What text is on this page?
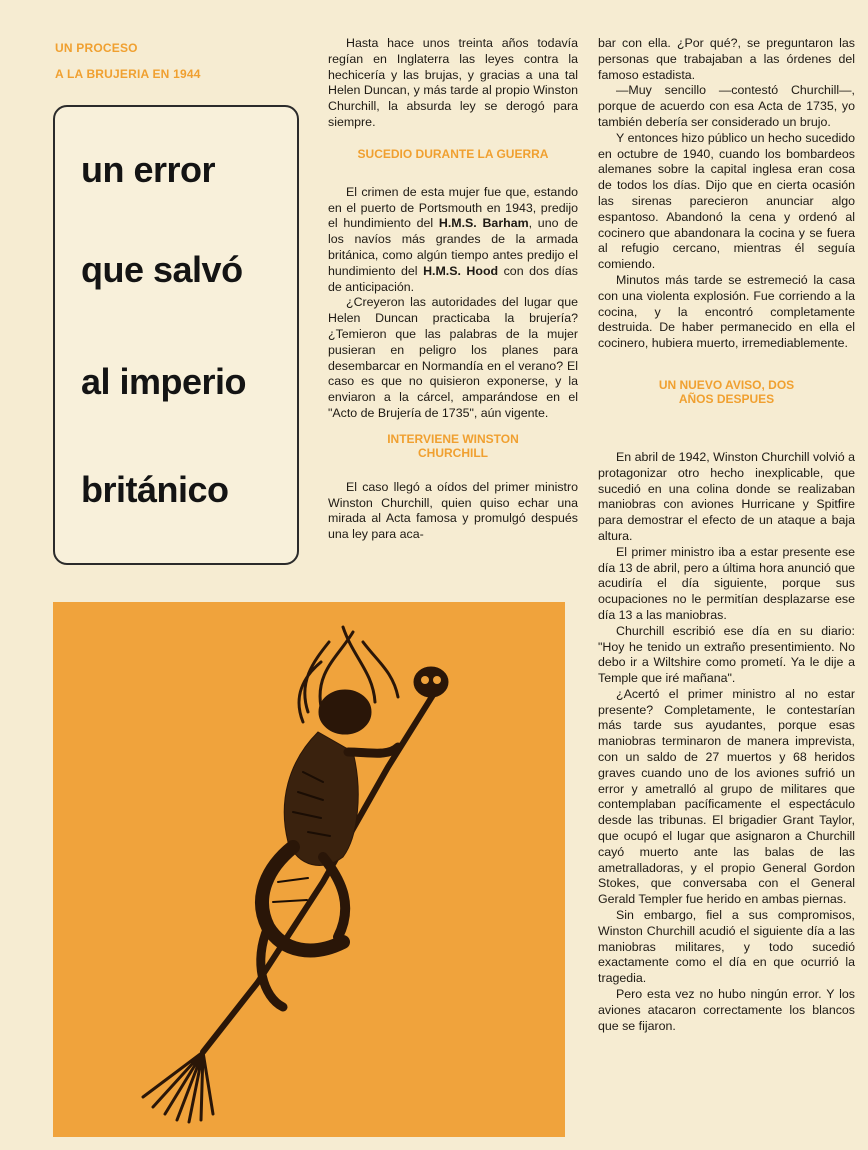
UN PROCESO
A LA BRUJERIA EN 1944
un error
que salvó
al imperio
británico

Hasta hace unos treinta años todavía regían en Inglaterra las leyes contra la hechicería y las brujas, y gracias a una tal Helen Duncan, y más tarde al propio Winston Churchill, la absurda ley se derogó para siempre.

SUCEDIO DURANTE LA GUERRA

El crimen de esta mujer fue que, estando en el puerto de Portsmouth en 1943, predijo el hundimiento del H.M.S. Barham, uno de los navíos más grandes de la armada británica, como algún tiempo antes predijo el hundimiento del H.M.S. Hood con dos días de anticipación.

¿Creyeron las autoridades del lugar que Helen Duncan practicaba la brujería? ¿Temieron que las palabras de la mujer pusieran en peligro los planes para desembarcar en Normandía en el verano? El caso es que no quisieron exponerse, y la enviaron a la cárcel, amparándose en el "Acto de Brujería de 1735", aún vigente.

INTERVIENE WINSTON
CHURCHILL

El caso llegó a oídos del primer ministro Winston Churchill, quien quiso echar una mirada al Acta famosa y promulgó después una ley para aca-

bar con ella. ¿Por qué?, se preguntaron las personas que trabajaban a las órdenes del famoso estadista.

—Muy sencillo —contestó Churchill—, porque de acuerdo con esa Acta de 1735, yo también debería ser considerado un brujo.

Y entonces hizo público un hecho sucedido en octubre de 1940, cuando los bombardeos alemanes sobre la capital inglesa eran cosa de todos los días. Dijo que en cierta ocasión las sirenas parecieron anunciar algo espantoso. Abandonó la cena y ordenó al cocinero que abandonara la cocina y se fuera al refugio cercano, mientras él seguía comiendo.

Minutos más tarde se estremeció la casa con una violenta explosión. Fue corriendo a la cocina, y la encontró completamente destruida. De haber permanecido en ella el cocinero, hubiera muerto, irremediablemente.

UN NUEVO AVISO, DOS
AÑOS DESPUES

En abril de 1942, Winston Churchill volvió a protagonizar otro hecho inexplicable, que sucedió en una colina donde se realizaban maniobras con aviones Hurricane y Spitfire para demostrar el efecto de un ataque a baja altura.

El primer ministro iba a estar presente ese día 13 de abril, pero a última hora anunció que acudiría el día siguiente, porque sus ocupaciones no le permitían desplazarse ese día 13 a las maniobras.

Churchill escribió ese día en su diario: "Hoy he tenido un extraño presentimiento. No debo ir a Wiltshire como prometí. Ya le dije a Temple que iré mañana".

¿Acertó el primer ministro al no estar presente? Completamente, le contestarían más tarde sus ayudantes, porque esas maniobras terminaron de manera imprevista, con un saldo de 27 muertos y 68 heridos graves cuando uno de los aviones sufrió un error y ametralló al grupo de militares que contemplaban pacíficamente el espectáculo desde las tribunas. El brigadier Grant Taylor, que ocupó el lugar que asignaron a Churchill cayó muerto ante las balas de las ametralladoras, y el propio General Gordon Stokes, que conversaba con el General Gerald Templer fue herido en ambas piernas.

Sin embargo, fiel a sus compromisos, Winston Churchill acudió el siguiente día a las maniobras militares, y todo sucedió exactamente como el día en que ocurrió la tragedia.

Pero esta vez no hubo ningún error. Y los aviones atacaron correctamente los blancos que se fijaron.
